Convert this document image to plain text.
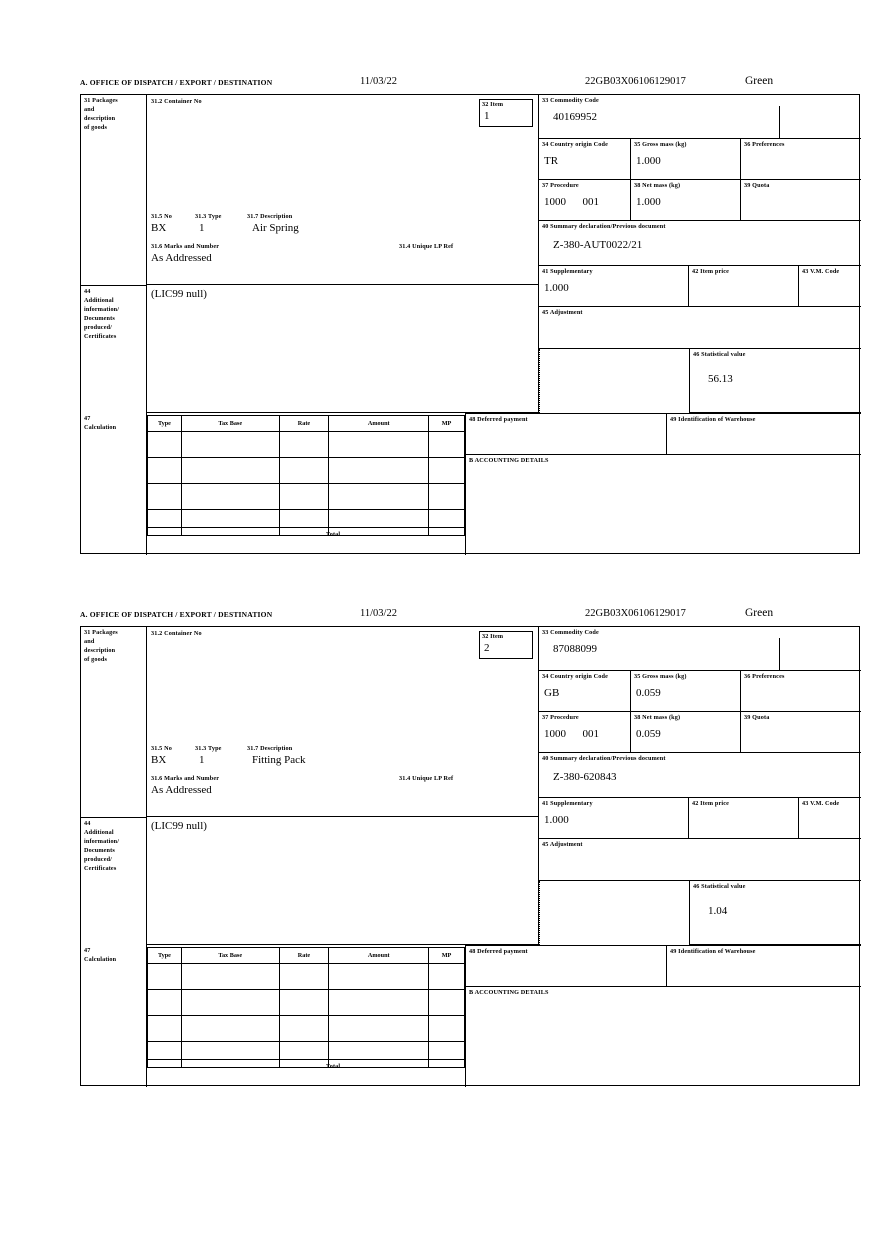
A. OFFICE OF DISPATCH / EXPORT / DESTINATION	11/03/22	22GB03X06106129017	Green
31 Packages
and
description
of goods
31.2 Container No
31.5 No	31.3 Type	31.7 Description
BX	1	Air Spring
31.6 Marks and Number
As Addressed
31.4 Unique LP Ref
32 Item
1
33 Commodity Code
40169952
34 Country origin Code
TR
35 Gross mass (kg)
1.000
36 Preferences
37 Procedure
1000      001
38 Net mass (kg)
1.000
39 Quota
40 Summary declaration/Previous document
Z-380-AUT0022/21
41 Supplementary
1.000
42 Item price	43 V.M. Code
45 Adjustment
46 Statistical value
56.13
44
Additional
information/
Documents
produced/
Certificates
(LIC99 null)
47
Calculation
Type	Tax Base	Rate	Amount	MP

Total
48 Deferred payment	49 Identification of Warehouse
B ACCOUNTING DETAILS
A. OFFICE OF DISPATCH / EXPORT / DESTINATION	11/03/22	22GB03X06106129017	Green
31 Packages
and
description
of goods
31.2 Container No
31.5 No	31.3 Type	31.7 Description
BX	1	Fitting Pack
31.6 Marks and Number
As Addressed
31.4 Unique LP Ref
32 Item
2
33 Commodity Code
87088099
34 Country origin Code
GB
35 Gross mass (kg)
0.059
36 Preferences
37 Procedure
1000      001
38 Net mass (kg)
0.059
39 Quota
40 Summary declaration/Previous document
Z-380-620843
41 Supplementary
1.000
42 Item price	43 V.M. Code
45 Adjustment
46 Statistical value
1.04
44
Additional
information/
Documents
produced/
Certificates
(LIC99 null)
47
Calculation
Type	Tax Base	Rate	Amount	MP

Total
48 Deferred payment	49 Identification of Warehouse
B ACCOUNTING DETAILS
